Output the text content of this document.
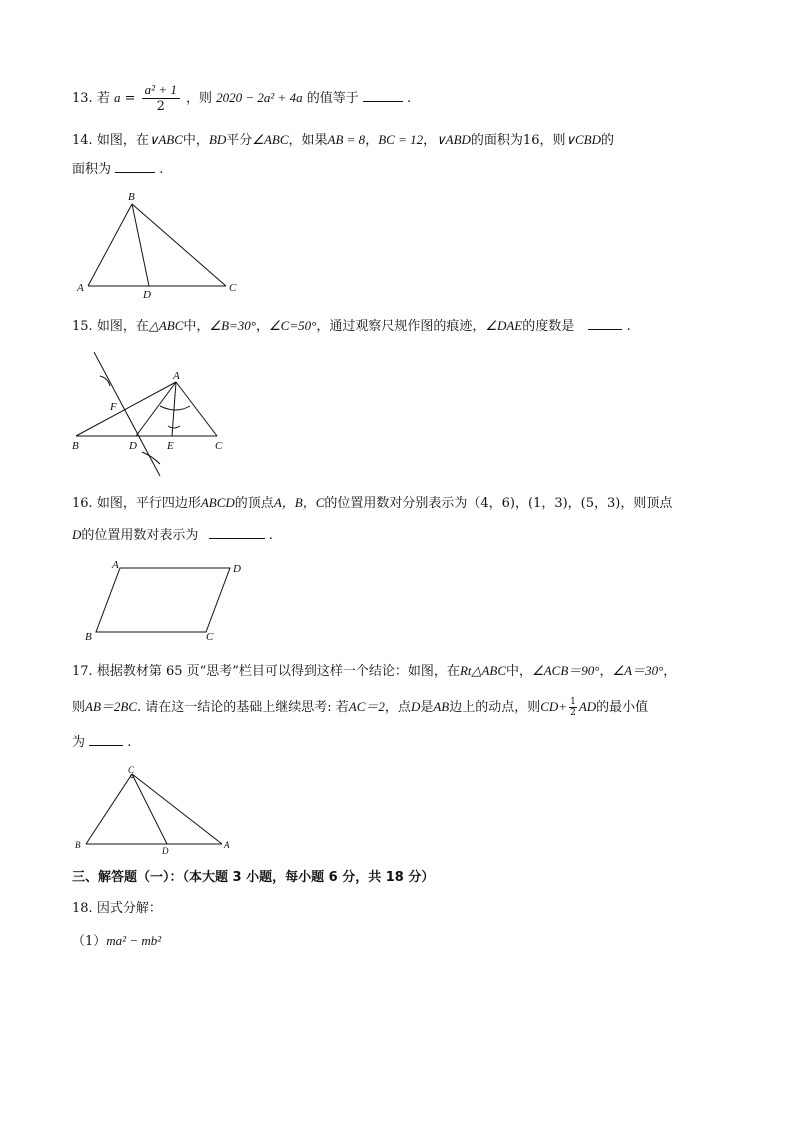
13. 若 $a = \frac{\text{a² + 1}}{2}$ ，则 2020 − 2a² + 4a 的值等于	.
14. 如图，在∨ABC中，BD平分∠ABC，如果AB = 8，BC = 12，∨ABD的面积为16，则∨CBD的
面积为	.
B
A
D
C
15. 如图，在△ABC中，∠B=30°，∠C=50°，通过观察尺规作图的痕迹，∠DAE的度数是	.
A
F
B	D	E	C
16. 如图，平行四边形ABCD的顶点A，B，C的位置用数对分别表示为（4，6)，(1，3)，(5，3)，则顶点
D的位置用数对表示为	.
A	D
B	C
17. 根据教材第 65 页“思考”栏目可以得到这样一个结论：如图，在Rt△ABC中，∠ACB＝90°，∠A＝30°，
则AB＝2BC. 请在这一结论的基础上继续思考: 若AC＝2，点D是AB边上的动点，则$CD+ \frac{1}{2}$ AD的最小值
为	.
C
B
D
A
三、解答题（一）：（本大题 3 小题，每小题 6 分，共 18 分）
18. 因式分解：
（1）ma² − mb²
